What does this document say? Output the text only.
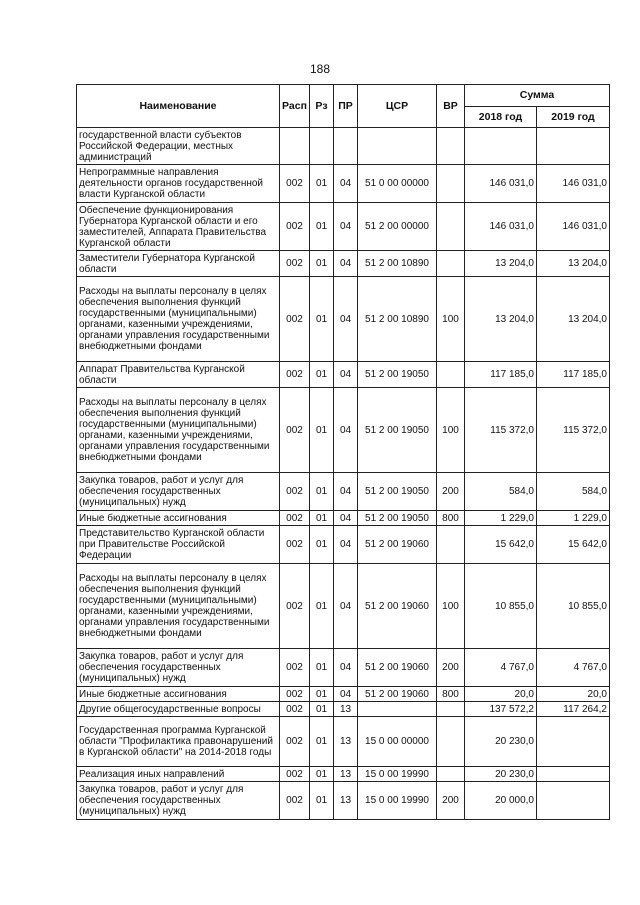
188
Наименование	Расп	Рз	ПР	ЦСР	ВР	Сумма	
						2018 год	2019 год
государственной власти субъектов Российской Федерации, местных администраций							
Непрограммные направления деятельности органов государственной власти Курганской области	002	01	04	51 0 00 00000		146 031,0	146 031,0
Обеспечение функционирования Губернатора Курганской области и его заместителей, Аппарата Правительства Курганской области	002	01	04	51 2 00 00000		146 031,0	146 031,0
Заместители Губернатора Курганской области	002	01	04	51 2 00 10890		13 204,0	13 204,0
Расходы на выплаты персоналу в целях обеспечения выполнения функций государственными (муниципальными) органами, казенными учреждениями, органами управления государственными внебюджетными фондами	002	01	04	51 2 00 10890	100	13 204,0	13 204,0
Аппарат Правительства Курганской области	002	01	04	51 2 00 19050		117 185,0	117 185,0
Расходы на выплаты персоналу в целях обеспечения выполнения функций государственными (муниципальными) органами, казенными учреждениями, органами управления государственными внебюджетными фондами	002	01	04	51 2 00 19050	100	115 372,0	115 372,0
Закупка товаров, работ и услуг для обеспечения государственных (муниципальных) нужд	002	01	04	51 2 00 19050	200	584,0	584,0
Иные бюджетные ассигнования	002	01	04	51 2 00 19050	800	1 229,0	1 229,0
Представительство Курганской области при Правительстве Российской Федерации	002	01	04	51 2 00 19060		15 642,0	15 642,0
Расходы на выплаты персоналу в целях обеспечения выполнения функций государственными (муниципальными) органами, казенными учреждениями, органами управления государственными внебюджетными фондами	002	01	04	51 2 00 19060	100	10 855,0	10 855,0
Закупка товаров, работ и услуг для обеспечения государственных (муниципальных) нужд	002	01	04	51 2 00 19060	200	4 767,0	4 767,0
Иные бюджетные ассигнования	002	01	04	51 2 00 19060	800	20,0	20,0
Другие общегосударственные вопросы	002	01	13			137 572,2	117 264,2
Государственная программа Курганской области "Профилактика правонарушений в Курганской области" на 2014-2018 годы	002	01	13	15 0 00 00000		20 230,0	
Реализация иных направлений	002	01	13	15 0 00 19990		20 230,0	
Закупка товаров, работ и услуг для обеспечения государственных (муниципальных) нужд	002	01	13	15 0 00 19990	200	20 000,0	
